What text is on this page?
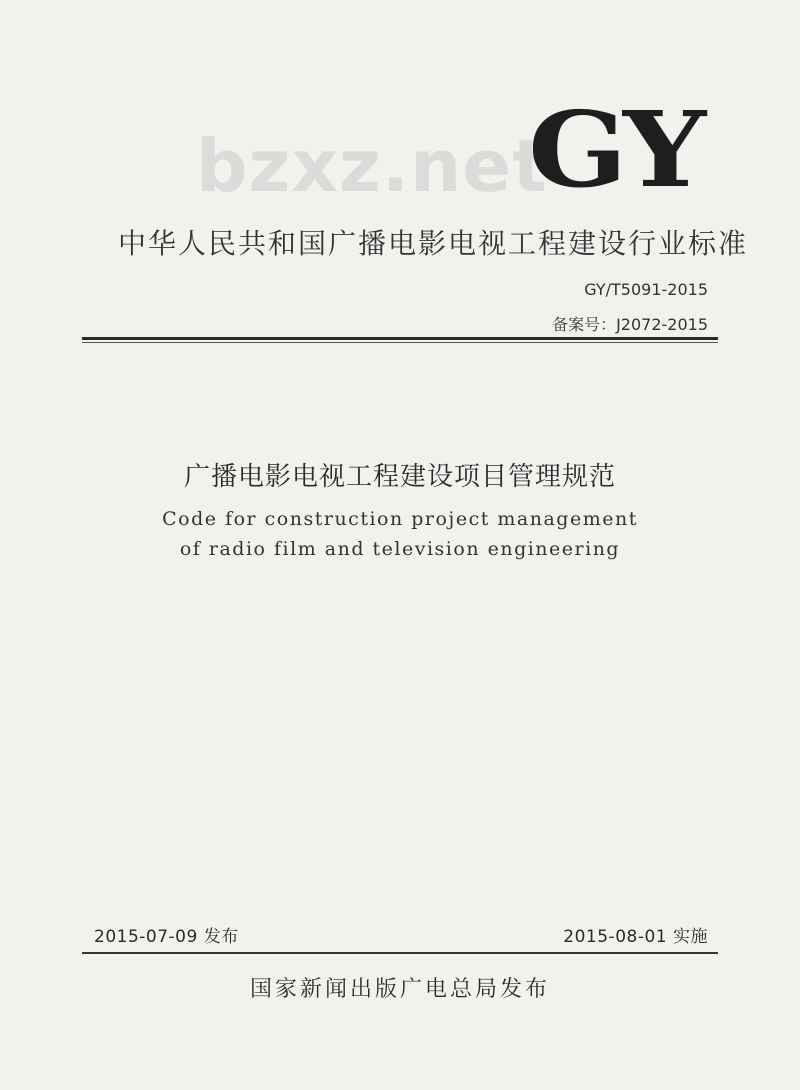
bzxz.net
GY
中华人民共和国广播电影电视工程建设行业标准
GY/T5091-2015
备案号：J2072-2015
广播电影电视工程建设项目管理规范
Code for construction project management
of radio film and television engineering
2015-07-09 发布	2015-08-01 实施
国家新闻出版广电总局发布
